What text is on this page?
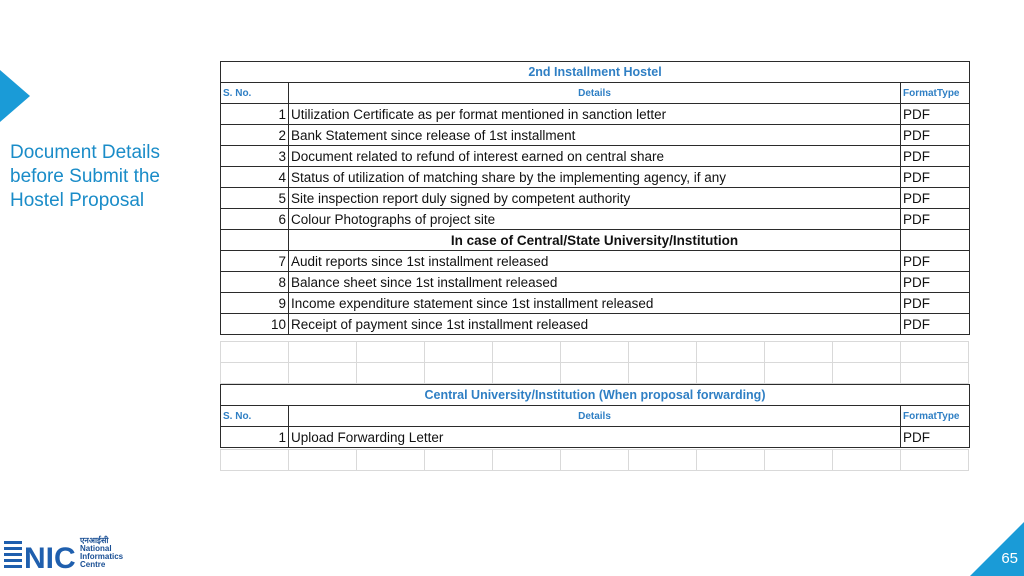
Document Details before Submit the Hostel Proposal
2nd Installment Hostel		
S. No.	Details	FormatType
1	Utilization Certificate as per format mentioned in sanction letter	PDF
2	Bank Statement since release of 1st installment	PDF
3	Document related to refund of interest earned on central share	PDF
4	Status of utilization of matching share by the implementing agency, if any	PDF
5	Site inspection report duly signed by competent authority	PDF
6	Colour Photographs of project site	PDF
	In case of Central/State University/Institution	
7	Audit reports since 1st installment released	PDF
8	Balance sheet since 1st installment released	PDF
9	Income expenditure statement since 1st installment released	PDF
10	Receipt of payment since 1st installment released	PDF

Central University/Institution (When proposal forwarding)		
S. No.	Details	FormatType
1	Upload Forwarding Letter	PDF

NIC
एनआईसी
National
Informatics
Centre	65
